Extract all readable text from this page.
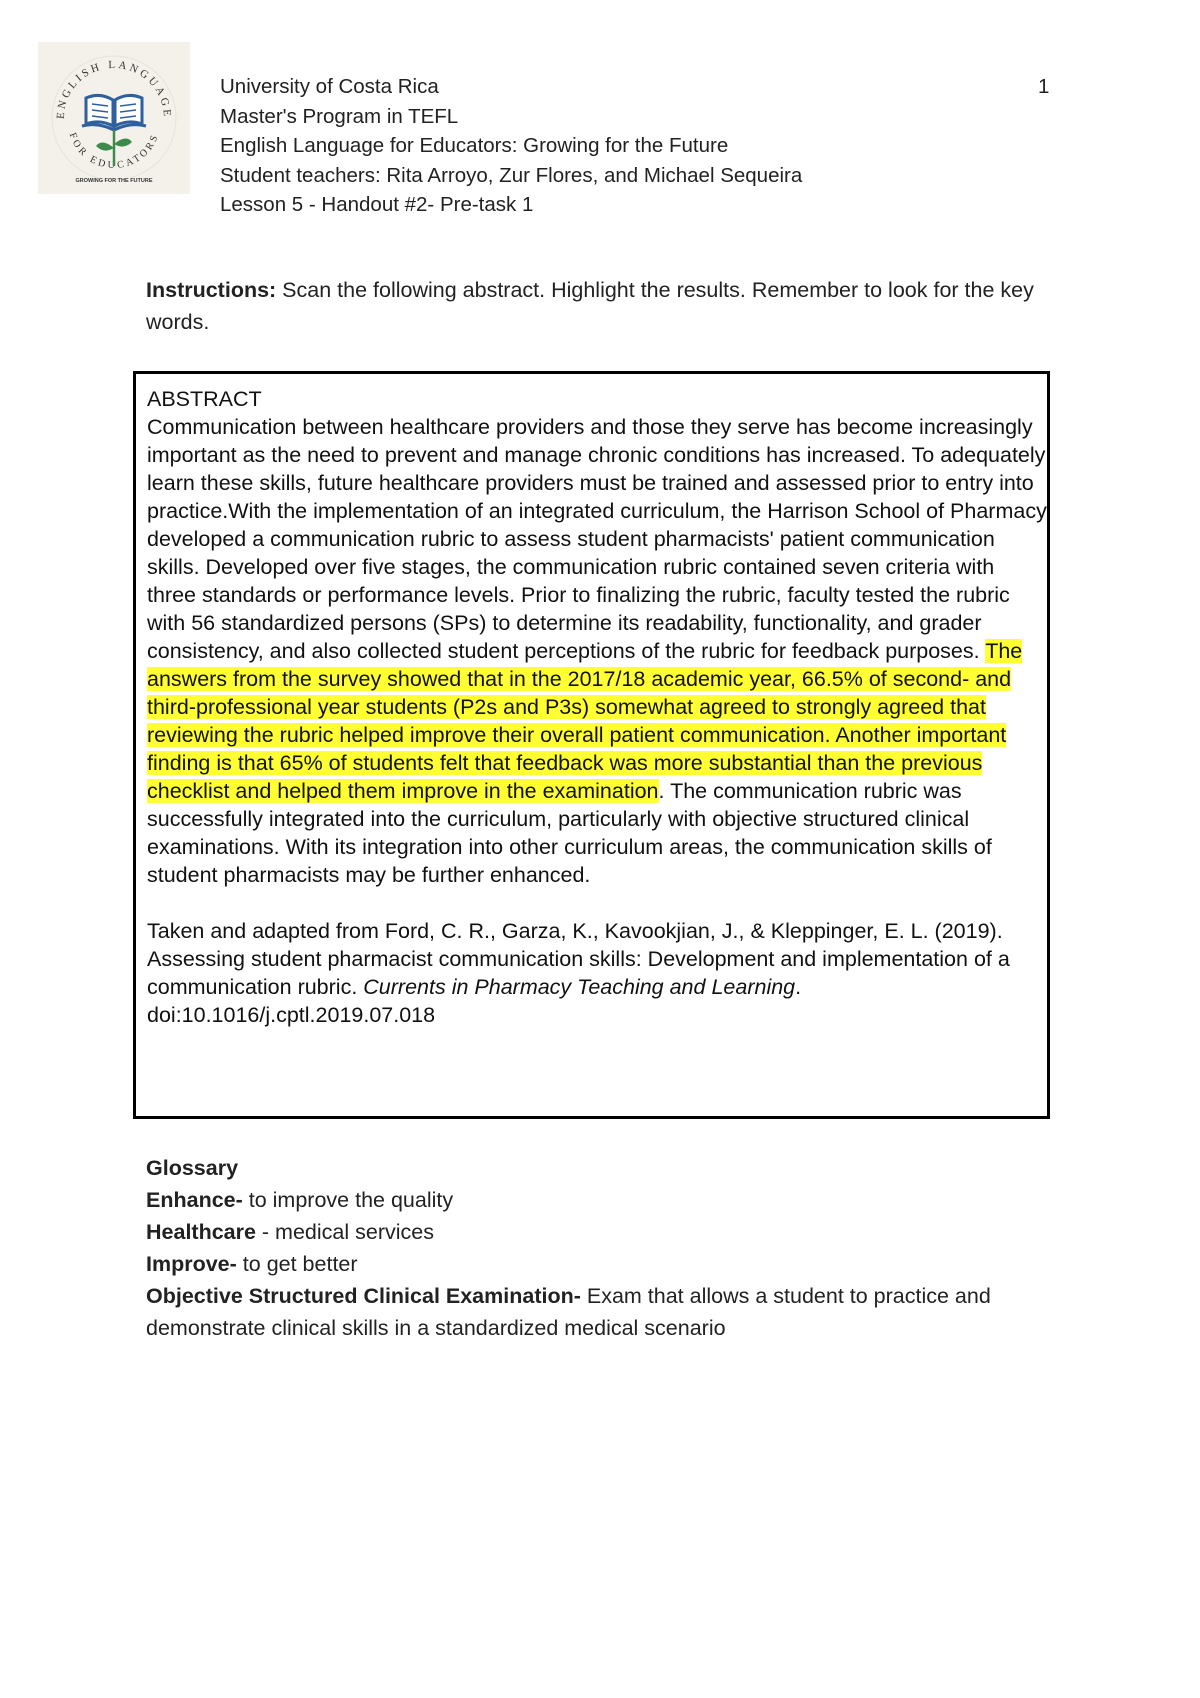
ENGLISH LANGUAGE
FOR EDUCATORS
GROWING FOR THE FUTURE
University of Costa Rica
Master's Program in TEFL
English Language for Educators: Growing for the Future
Student teachers: Rita Arroyo, Zur Flores, and Michael Sequeira
Lesson 5 - Handout #2- Pre-task 1
1
Instructions: Scan the following abstract. Highlight the results. Remember to look for the key words.

ABSTRACT

Communication between healthcare providers and those they serve has become increasingly important as the need to prevent and manage chronic conditions has increased. To adequately learn these skills, future healthcare providers must be trained and assessed prior to entry into practice.With the implementation of an integrated curriculum, the Harrison School of Pharmacy developed a communication rubric to assess student pharmacists' patient communication skills. Developed over five stages, the communication rubric contained seven criteria with three standards or performance levels. Prior to finalizing the rubric, faculty tested the rubric with 56 standardized persons (SPs) to determine its readability, functionality, and grader consistency, and also collected student perceptions of the rubric for feedback purposes. The answers from the survey showed that in the 2017/18 academic year, 66.5% of second- and third-professional year students (P2s and P3s) somewhat agreed to strongly agreed that reviewing the rubric helped improve their overall patient communication. Another important finding is that 65% of students felt that feedback was more substantial than the previous checklist and helped them improve in the examination. The communication rubric was successfully integrated into the curriculum, particularly with objective structured clinical examinations. With its integration into other curriculum areas, the communication skills of student pharmacists may be further enhanced.

Taken and adapted from Ford, C. R., Garza, K., Kavookjian, J., & Kleppinger, E. L. (2019). Assessing student pharmacist communication skills: Development and implementation of a communication rubric. Currents in Pharmacy Teaching and Learning. doi:10.1016/j.cptl.2019.07.018

Glossary
Enhance- to improve the quality
Healthcare - medical services
Improve- to get better
Objective Structured Clinical Examination- Exam that allows a student to practice and demonstrate clinical skills in a standardized medical scenario
